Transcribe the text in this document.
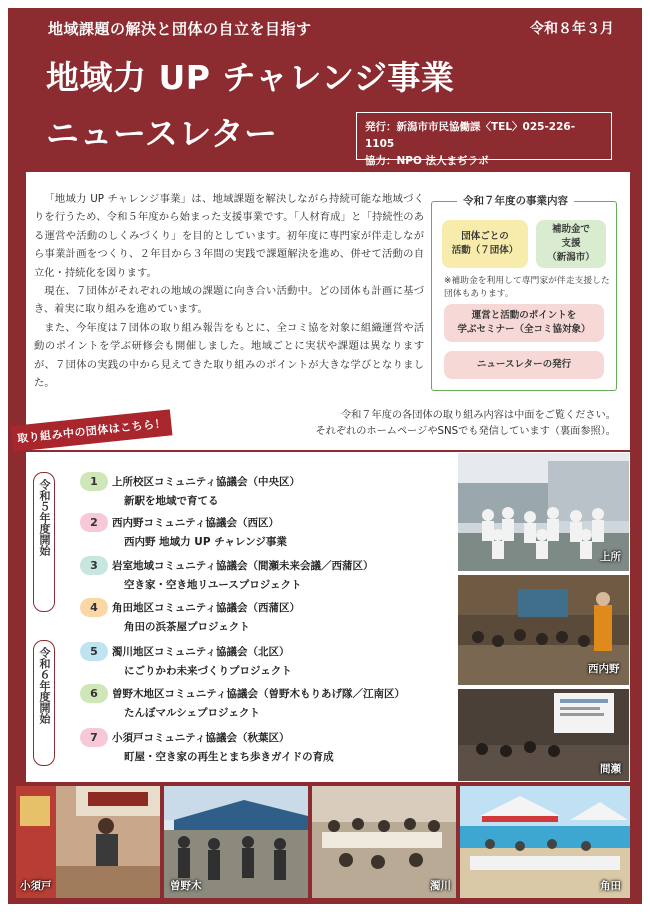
地域課題の解決と団体の自立を目指す	令和８年３月
地域力 UP チャレンジ事業
ニュースレター	発行：新潟市市民協働課〈TEL〉025-226-1105
協力：NPO 法人まぢラボ

「地域力 UP チャレンジ事業」は、地域課題を解決しながら持続可能な地域づくりを行うため、令和５年度から始まった支援事業です。「人材育成」と「持続性のある運営や活動のしくみづくり」を目的としています。初年度に専門家が伴走しながら事業計画をつくり、２年目から３年間の実践で課題解決を進め、併せて活動の自立化・持続化を図ります。

現在、７団体がそれぞれの地域の課題に向き合い活動中。どの団体も計画に基づき、着実に取り組みを進めています。

また、今年度は７団体の取り組み報告をもとに、全コミ協を対象に組織運営や活動のポイントを学ぶ研修会も開催しました。地域ごとに実状や課題は異なりますが、７団体の実践の中から見えてきた取り組みのポイントが大きな学びとなりました。

令和７年度の事業内容
団体ごとの
活動（７団体）
補助金で
支援
（新潟市）
※補助金を利用して専門家が伴走支援した団体もあります。
運営と活動のポイントを
学ぶセミナー（全コミ協対象）
ニュースレターの発行
令和７年度の各団体の取り組み内容は中面をご覧ください。
それぞれのホームページやSNSでも発信しています（裏面参照）。
取り組み中の団体はこちら！
令和５年度開始
令和６年度開始
1	上所校区コミュニティ協議会（中央区）
新駅を地域で育てる
2	西内野コミュニティ協議会（西区）
西内野 地域力 UP チャレンジ事業
3	岩室地域コミュニティ協議会（間瀬未来会議／西蒲区）
空き家・空き地リユースプロジェクト
4	角田地区コミュニティ協議会（西蒲区）
角田の浜茶屋プロジェクト
5	濁川地区コミュニティ協議会（北区）
にごりかわ未来づくりプロジェクト
6	曽野木地区コミュニティ協議会（曽野木もりあげ隊／江南区）
たんぼマルシェプロジェクト
7	小須戸コミュニティ協議会（秋葉区）
町屋・空き家の再生とまち歩きガイドの育成
上所
西内野
間瀬
小須戸	曽野木	濁川	角田
